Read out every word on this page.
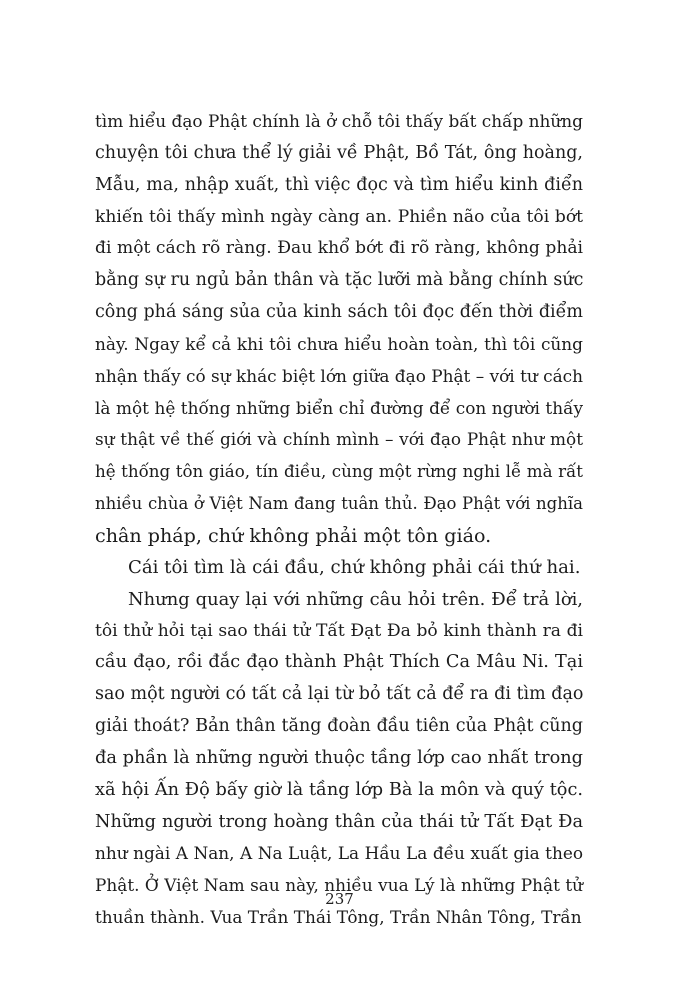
tìm hiểu đạo Phật chính là ở chỗ tôi thấy bất chấp những
chuyện tôi chưa thể lý giải về Phật, Bồ Tát, ông hoàng,
Mẫu, ma, nhập xuất, thì việc đọc và tìm hiểu kinh điển
khiến tôi thấy mình ngày càng an. Phiền não của tôi bớt
đi một cách rõ ràng. Đau khổ bớt đi rõ ràng, không phải
bằng sự ru ngủ bản thân và tặc lưỡi mà bằng chính sức
công phá sáng sủa của kinh sách tôi đọc đến thời điểm
này. Ngay kể cả khi tôi chưa hiểu hoàn toàn, thì tôi cũng
nhận thấy có sự khác biệt lớn giữa đạo Phật – với tư cách
là một hệ thống những biển chỉ đường để con người thấy
sự thật về thế giới và chính mình – với đạo Phật như một
hệ thống tôn giáo, tín điều, cùng một rừng nghi lễ mà rất
nhiều chùa ở Việt Nam đang tuân thủ. Đạo Phật với nghĩa
chân pháp, chứ không phải một tôn giáo.
Cái tôi tìm là cái đầu, chứ không phải cái thứ hai.
Nhưng quay lại với những câu hỏi trên. Để trả lời,
tôi thử hỏi tại sao thái tử Tất Đạt Đa bỏ kinh thành ra đi
cầu đạo, rồi đắc đạo thành Phật Thích Ca Mâu Ni. Tại
sao một người có tất cả lại từ bỏ tất cả để ra đi tìm đạo
giải thoát? Bản thân tăng đoàn đầu tiên của Phật cũng
đa phần là những người thuộc tầng lớp cao nhất trong
xã hội Ấn Độ bấy giờ là tầng lớp Bà la môn và quý tộc.
Những người trong hoàng thân của thái tử Tất Đạt Đa
như ngài A Nan, A Na Luật, La Hầu La đều xuất gia theo
Phật. Ở Việt Nam sau này, nhiều vua Lý là những Phật tử
thuần thành. Vua Trần Thái Tông, Trần Nhân Tông, Trần
237
